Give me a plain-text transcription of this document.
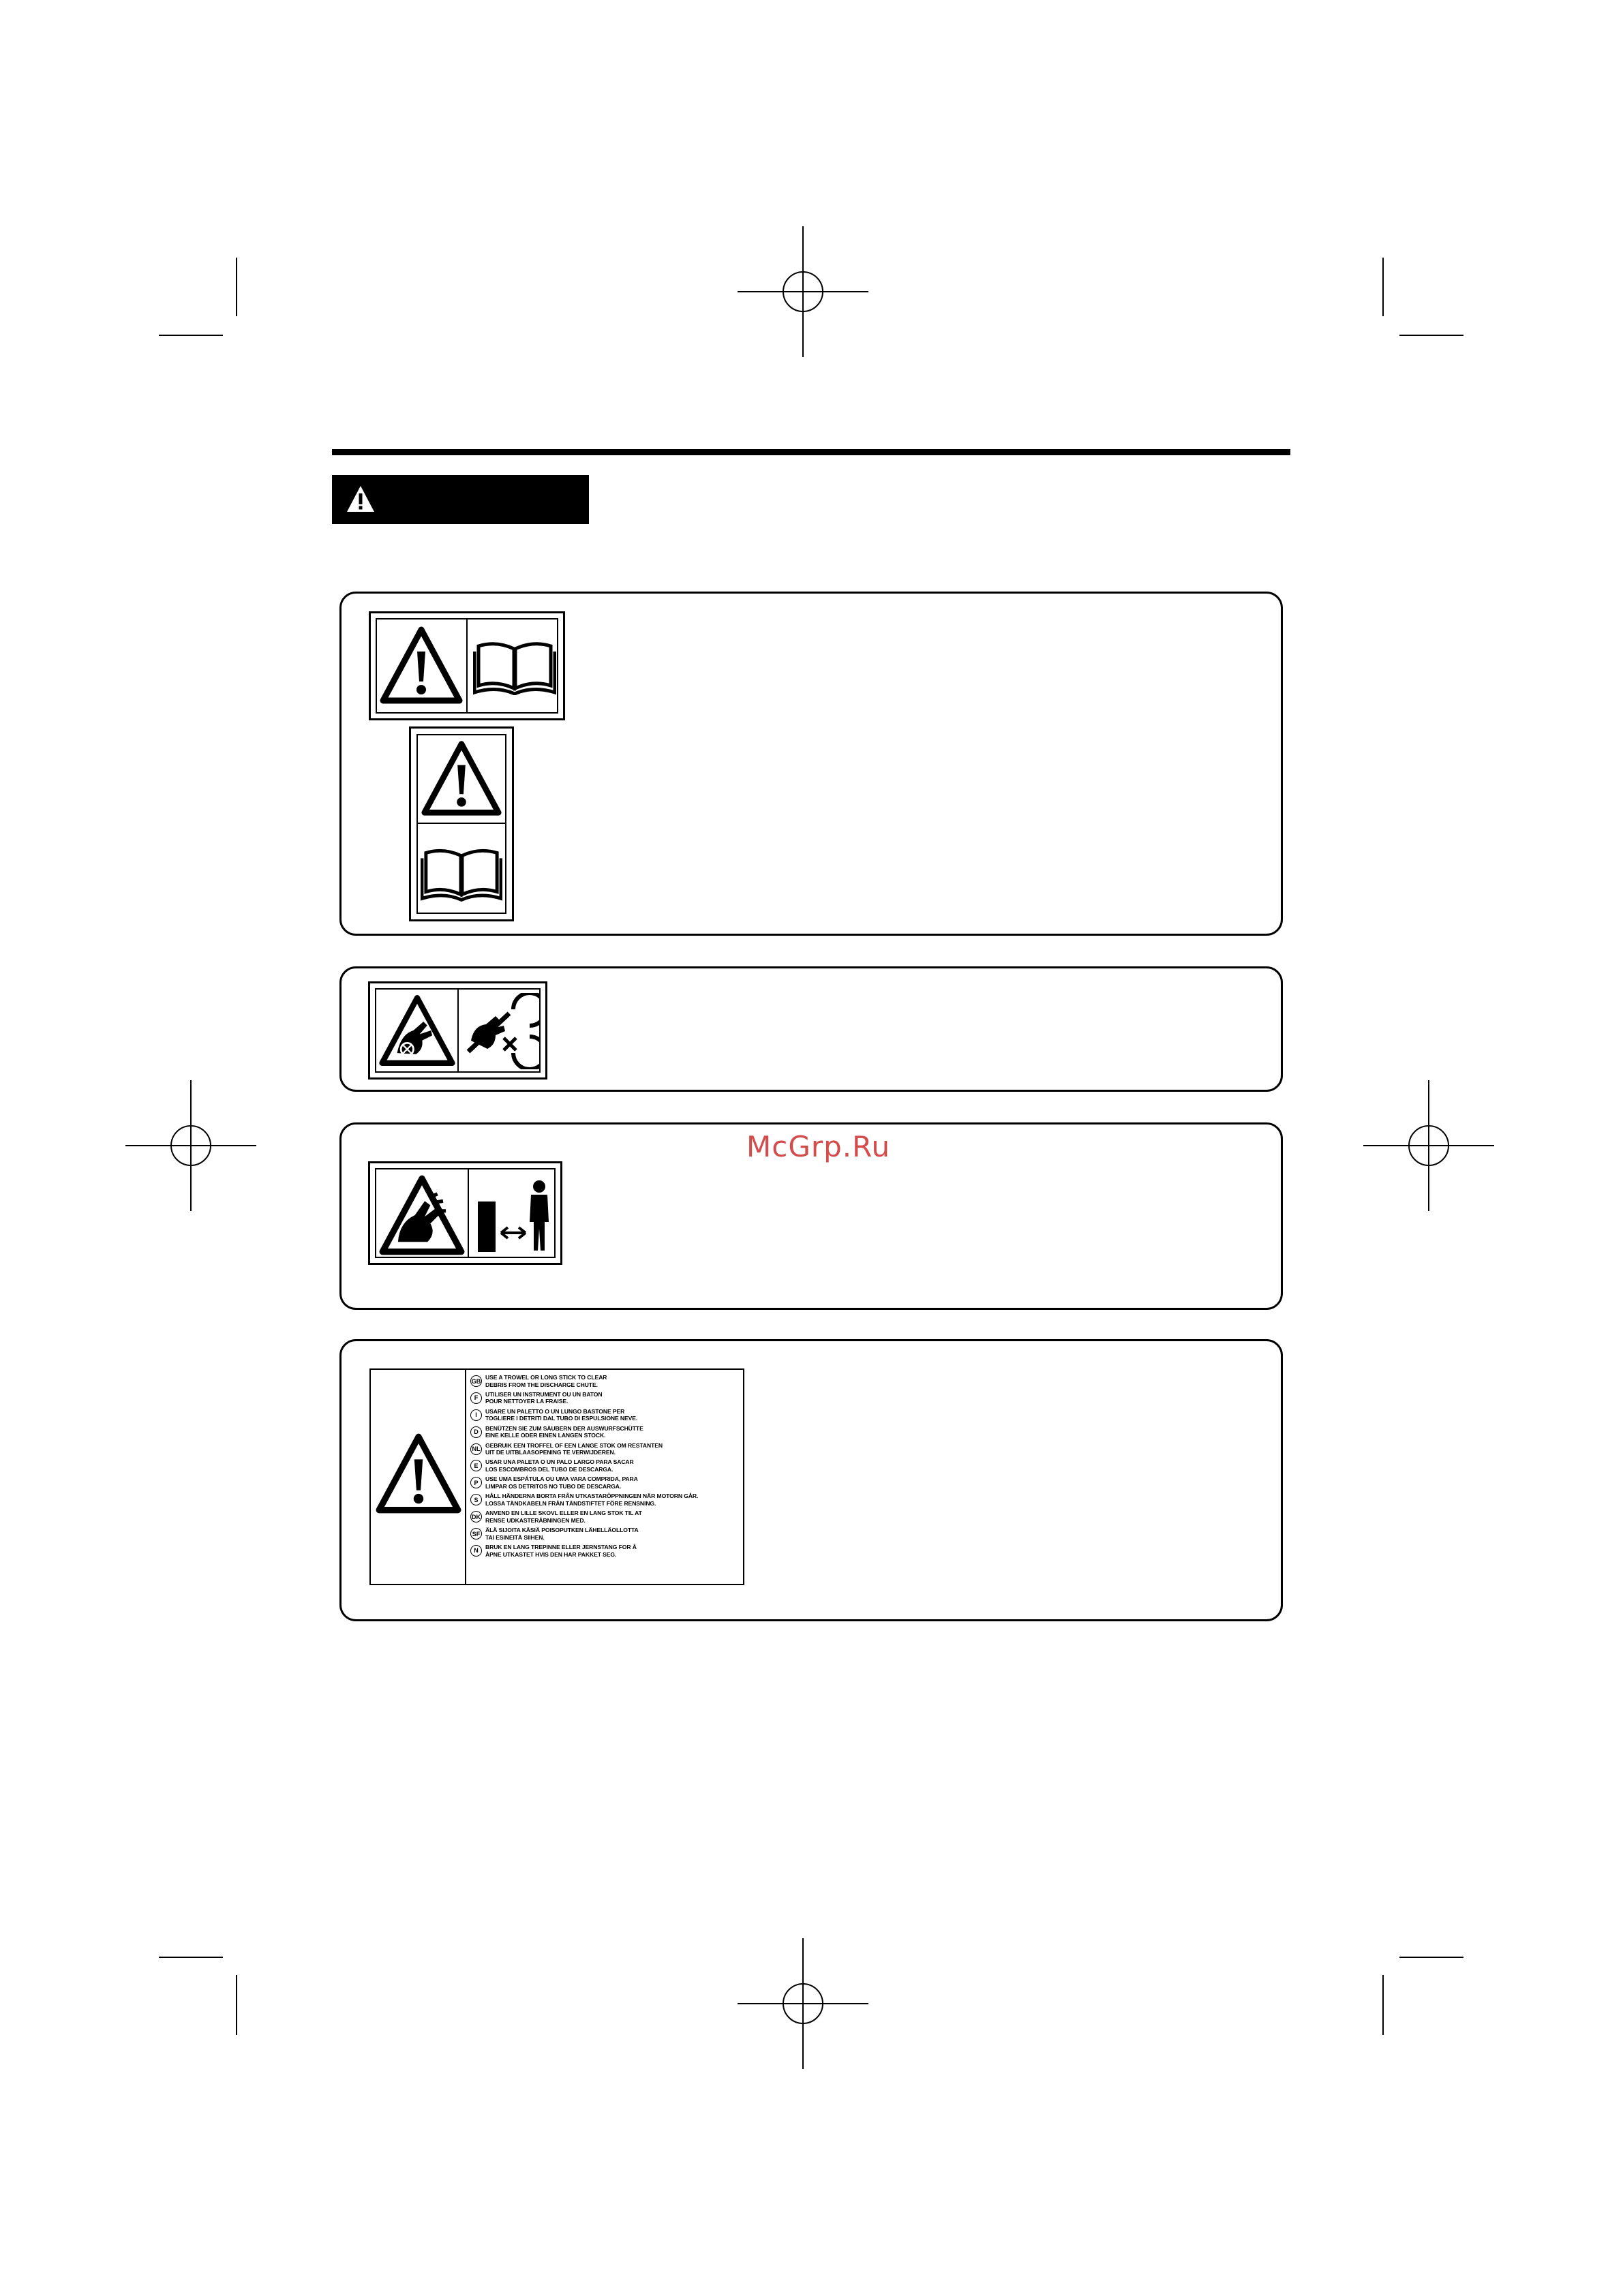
McGrp.Ru
GB
USE A TROWEL OR LONG STICK TO CLEAR
DEBRIS FROM THE DISCHARGE CHUTE.
F
UTILISER UN INSTRUMENT OU UN BATON
POUR NETTOYER LA FRAISE.
I
USARE UN PALETTO O UN LUNGO BASTONE PER
TOGLIERE I DETRITI DAL TUBO DI ESPULSIONE NEVE.
D
BENÜTZEN SIE ZUM SÄUBERN DER AUSWURFSCHÜTTE
EINE KELLE ODER EINEN LANGEN STOCK.
NL
GEBRUIK EEN TROFFEL OF EEN LANGE STOK OM RESTANTEN
UIT DE UITBLAASOPENING TE VERWIJDEREN.
E
USAR UNA PALETA O UN PALO LARGO PARA SACAR
LOS ESCOMBROS DEL TUBO DE DESCARGA.
P
USE UMA ESPÁTULA OU UMA VARA COMPRIDA, PARA
LIMPAR OS DETRITOS NO TUBO DE DESCARGA.
S
HÅLL HÄNDERNA BORTA FRÅN UTKASTARÖPPNINGEN NÄR MOTORN GÅR.
LOSSA TÄNDKABELN FRÅN TÄNDSTIFTET FÖRE RENSNING.
DK
ANVEND EN LILLE SKOVL ELLER EN LANG STOK TIL AT
RENSE UDKASTERÅBNINGEN MED.
SF
ÄLÄ SIJOITA KÄSIÄ POISOPUTKEN LÄHELLÄOLLOTTA
TAI ESINEITÄ SIIHEN.
N
BRUK EN LANG TREPINNE ELLER JERNSTANG FOR Å
ÅPNE UTKASTET HVIS DEN HAR PAKKET SEG.
